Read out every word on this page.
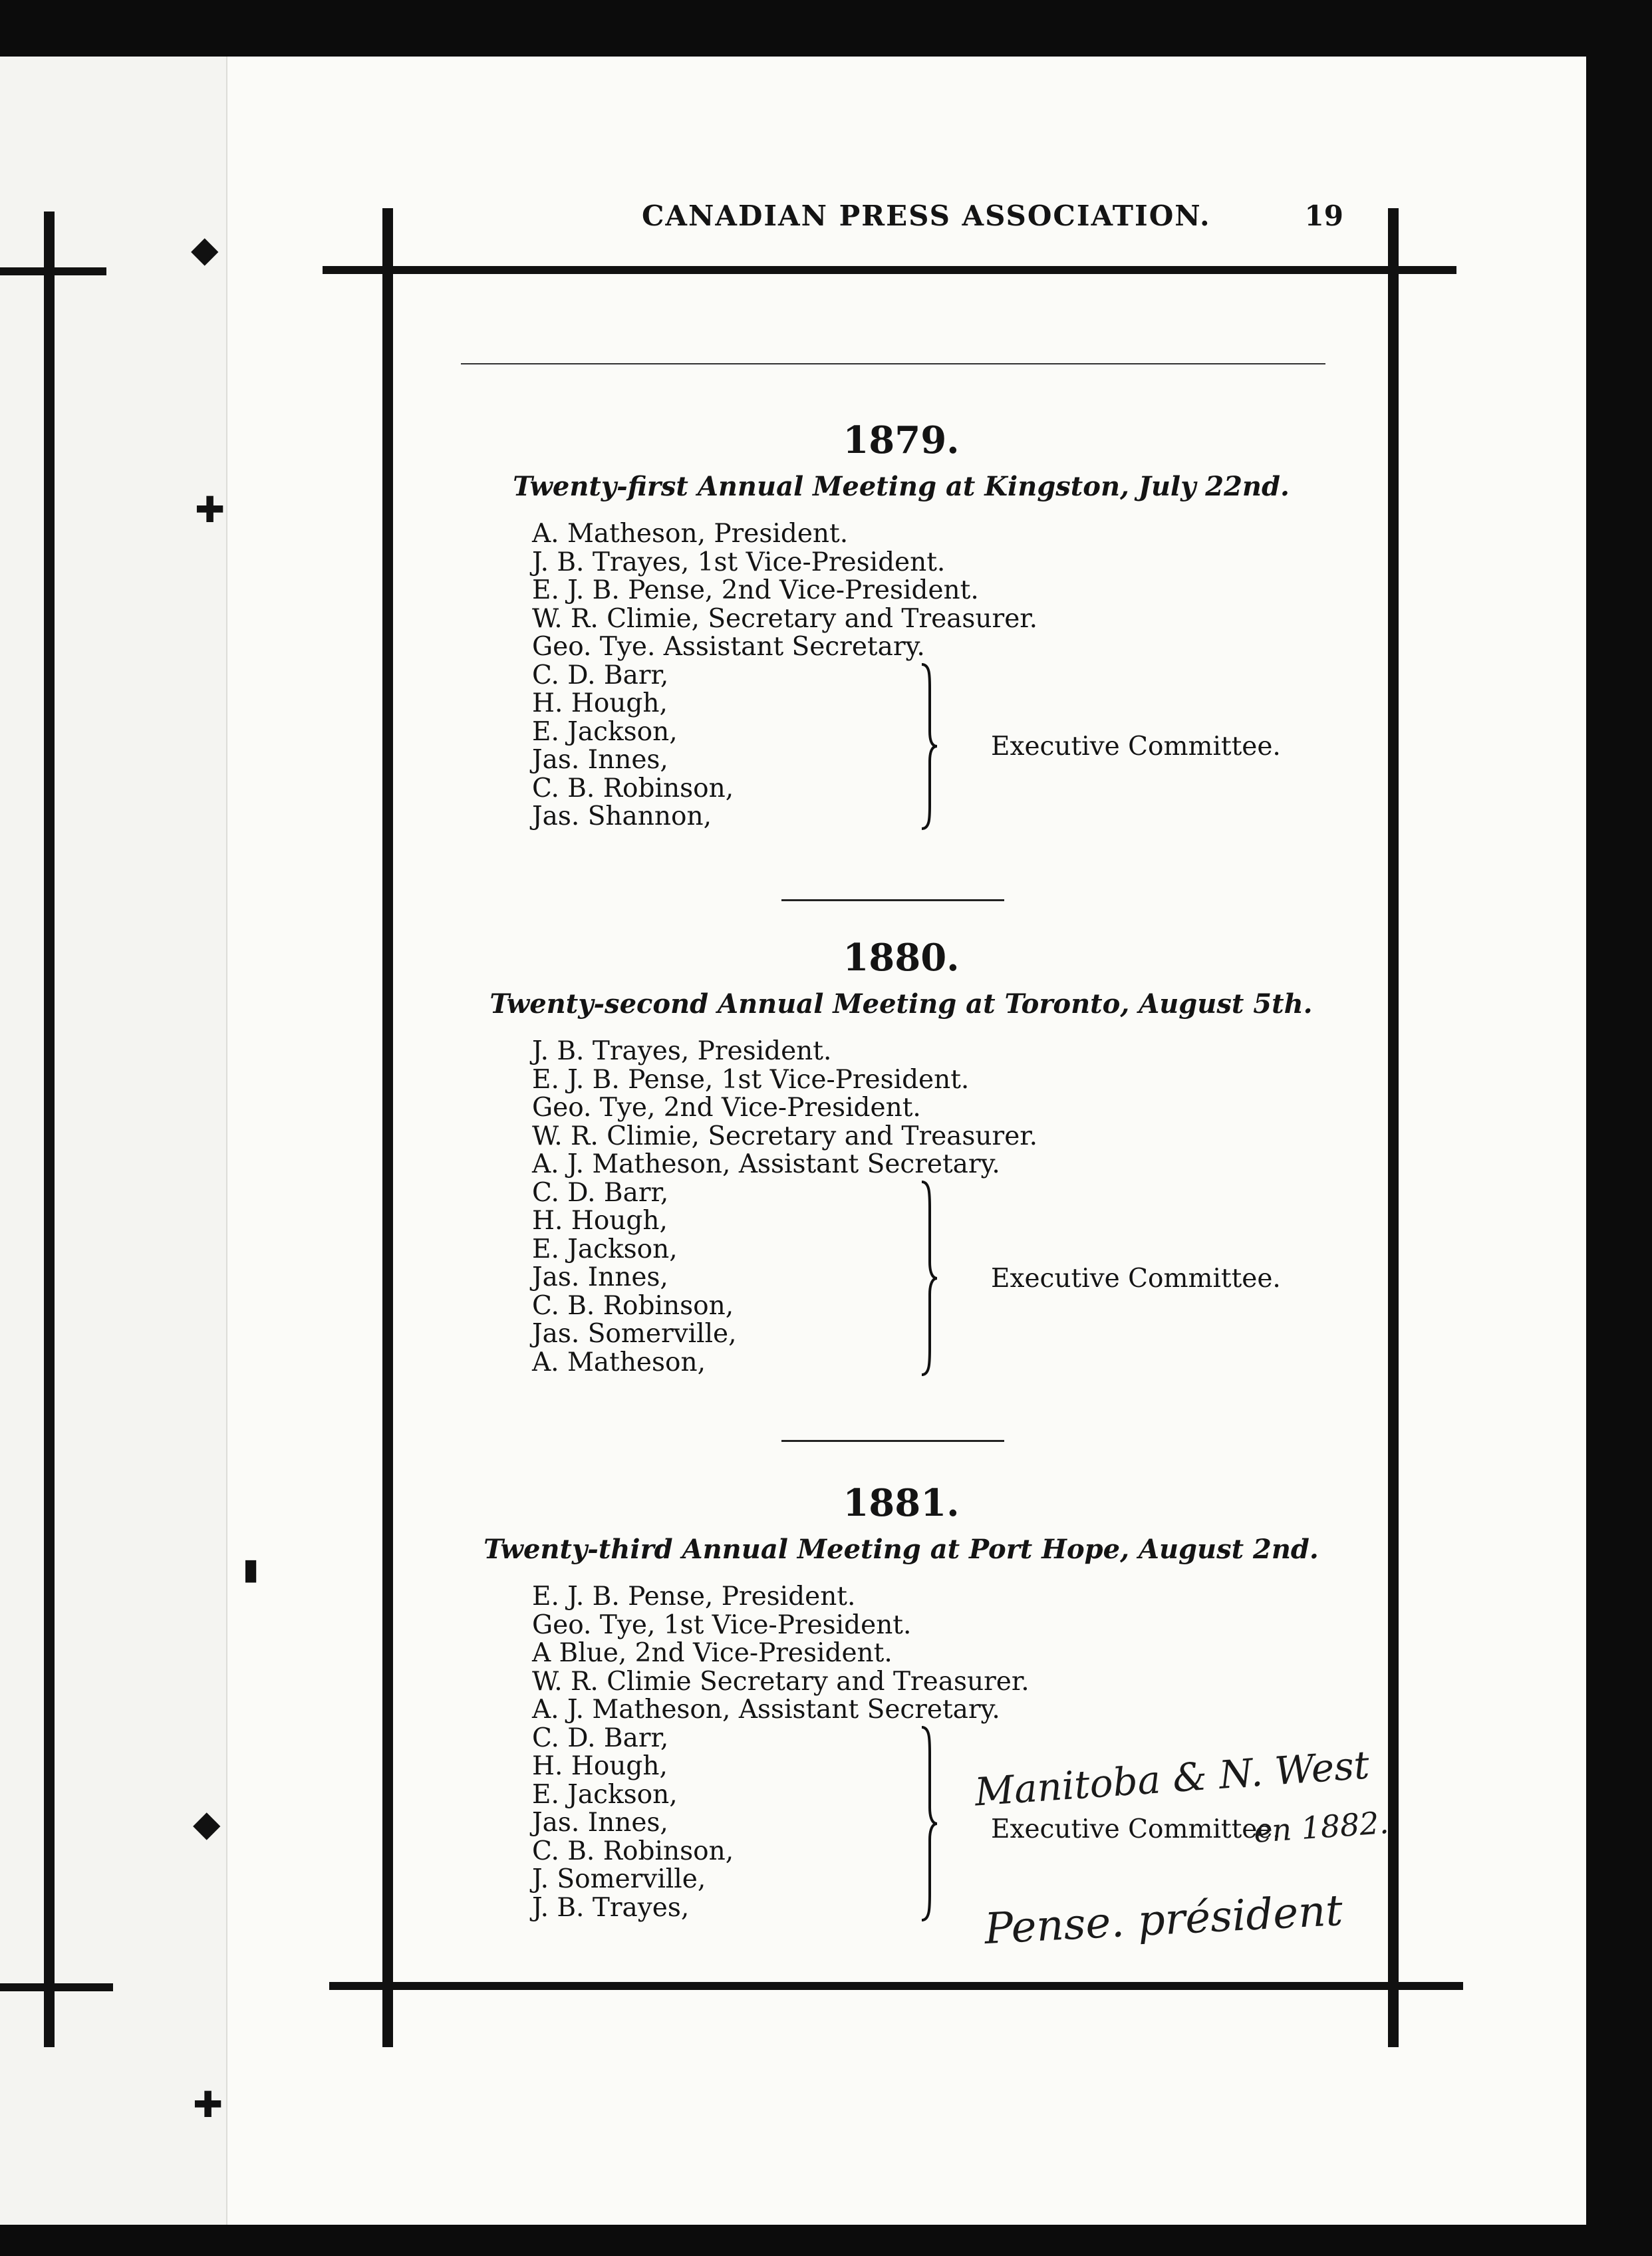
◆
✚
▮
◆
✚
CANADIAN PRESS ASSOCIATION.	19

1879.

Twenty-first Annual Meeting at Kingston, July 22nd.

A. Matheson, President.
J. B. Trayes, 1st Vice-President.
E. J. B. Pense, 2nd Vice-President.
W. R. Climie, Secretary and Treasurer.
Geo. Tye. Assistant Secretary.
C. D. Barr,
H. Hough,
E. Jackson,
Jas. Innes,
C. B. Robinson,
Jas. Shannon,
Executive Committee.

1880.

Twenty-second Annual Meeting at Toronto, August 5th.

J. B. Trayes, President.
E. J. B. Pense, 1st Vice-President.
Geo. Tye, 2nd Vice-President.
W. R. Climie, Secretary and Treasurer.
A. J. Matheson, Assistant Secretary.
C. D. Barr,
H. Hough,
E. Jackson,
Jas. Innes,
C. B. Robinson,
Jas. Somerville,
A. Matheson,
Executive Committee.

1881.

Twenty-third Annual Meeting at Port Hope, August 2nd.

E. J. B. Pense, President.
Geo. Tye, 1st Vice-President.
A Blue, 2nd Vice-President.
W. R. Climie Secretary and Treasurer.
A. J. Matheson, Assistant Secretary.
C. D. Barr,
H. Hough,
E. Jackson,
Jas. Innes,
C. B. Robinson,
J. Somerville,
J. B. Trayes,
Executive Committee.
Manitoba & N. West
en 1882.
Pense. président
